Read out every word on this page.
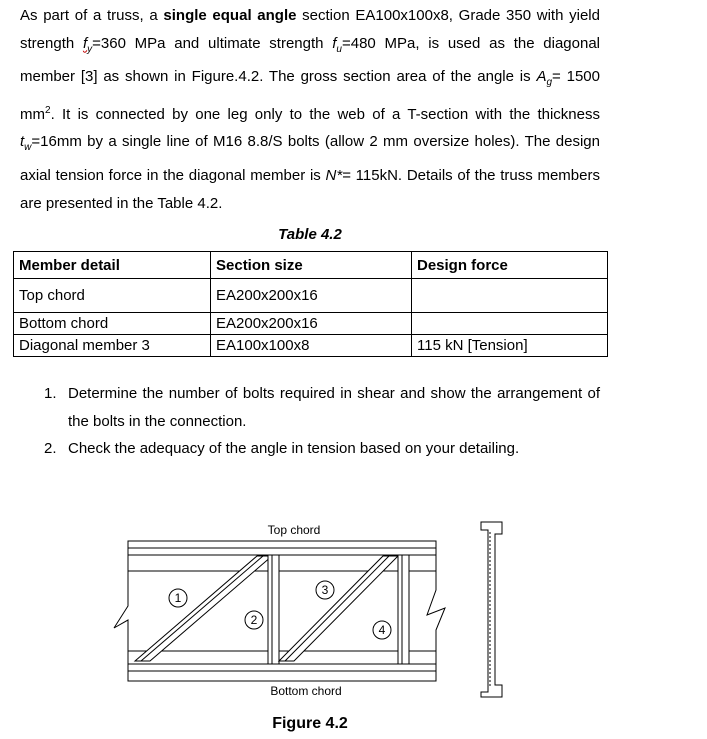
As part of a truss, a single equal angle section EA100x100x8, Grade 350 with yield strength $f_y=360$ MPa and ultimate strength $f_u=480$ MPa, is used as the diagonal member [3] as shown in Figure.4.2. The gross section area of the angle is $A_g= 1500$ $mm^2$. It is connected by one leg only to the web of a T-section with the thickness $t_w=16mm$ by a single line of M16 8.8/S bolts (allow 2 mm oversize holes). The design axial tension force in the diagonal member is N*= 115kN. Details of the truss members are presented in the Table 4.2.
Table 4.2
Member detail	Section size	Design force
Top chord	EA200x200x16	
Bottom chord	EA200x200x16	
Diagonal member 3	EA100x100x8	115 kN [Tension]
1. Determine the number of bolts required in shear and show the arrangement of the bolts in the connection.
2. Check the adequacy of the angle in tension based on your detailing.
1
2
3
4
Top chord
Bottom chord
Figure 4.2
